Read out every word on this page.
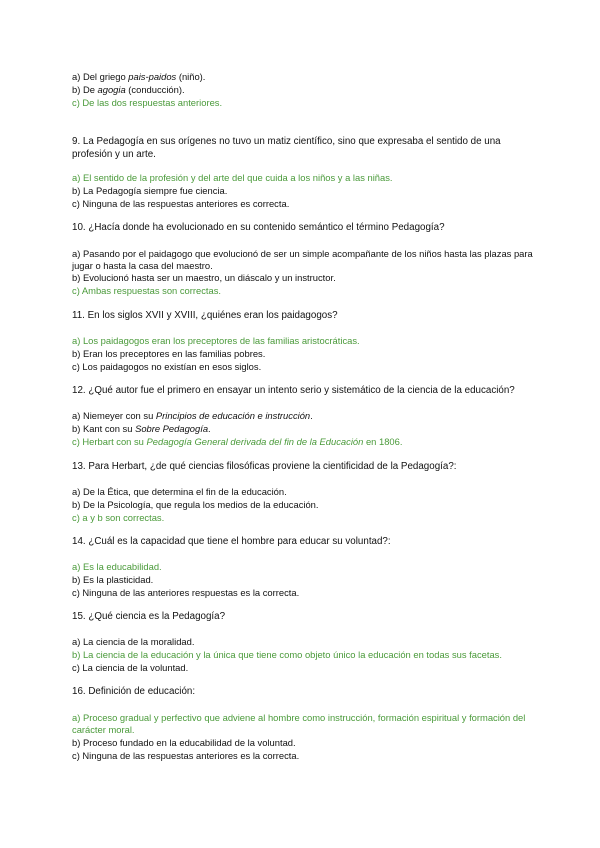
a) Del griego pais-paidos (niño).
b) De agogia (conducción).
c) De las dos respuestas anteriores.
9. La Pedagogía en sus orígenes no tuvo un matiz científico, sino que expresaba el sentido de una
profesión y un arte.
a) El sentido de la profesión y del arte del que cuida a los niños y a las niñas.
b) La Pedagogía siempre fue ciencia.
c) Ninguna de las respuestas anteriores es correcta.
10. ¿Hacía donde ha evolucionado en su contenido semántico el término Pedagogía?
a) Pasando por el paidagogo que evolucionó de ser un simple acompañante de los niños hasta las plazas para
jugar o hasta la casa del maestro.
b) Evolucionó hasta ser un maestro, un diáscalo y un instructor.
c) Ambas respuestas son correctas.
11. En los siglos XVII y XVIII, ¿quiénes eran los paidagogos?
a) Los paidagogos eran los preceptores de las familias aristocráticas.
b) Eran los preceptores en las familias pobres.
c) Los paidagogos no existían en esos siglos.
12. ¿Qué autor fue el primero en ensayar un intento serio y sistemático de la ciencia de la educación?
a) Niemeyer con su Principios de educación e instrucción.
b) Kant con su Sobre Pedagogía.
c) Herbart con su Pedagogía General derivada del fin de la Educación en 1806.
13. Para Herbart, ¿de qué ciencias filosóficas proviene la cientificidad de la Pedagogía?:
a) De la Ética, que determina el fin de la educación.
b) De la Psicología, que regula los medios de la educación.
c) a y b son correctas.
14. ¿Cuál es la capacidad que tiene el hombre para educar su voluntad?:
a) Es la educabilidad.
b) Es la plasticidad.
c) Ninguna de las anteriores respuestas es la correcta.
15. ¿Qué ciencia es la Pedagogía?
a) La ciencia de la moralidad.
b) La ciencia de la educación y la única que tiene como objeto único la educación en todas sus facetas.
c) La ciencia de la voluntad.
16. Definición de educación:
a) Proceso gradual y perfectivo que adviene al hombre como instrucción, formación espiritual y formación del
carácter moral.
b) Proceso fundado en la educabilidad de la voluntad.
c) Ninguna de las respuestas anteriores es la correcta.
